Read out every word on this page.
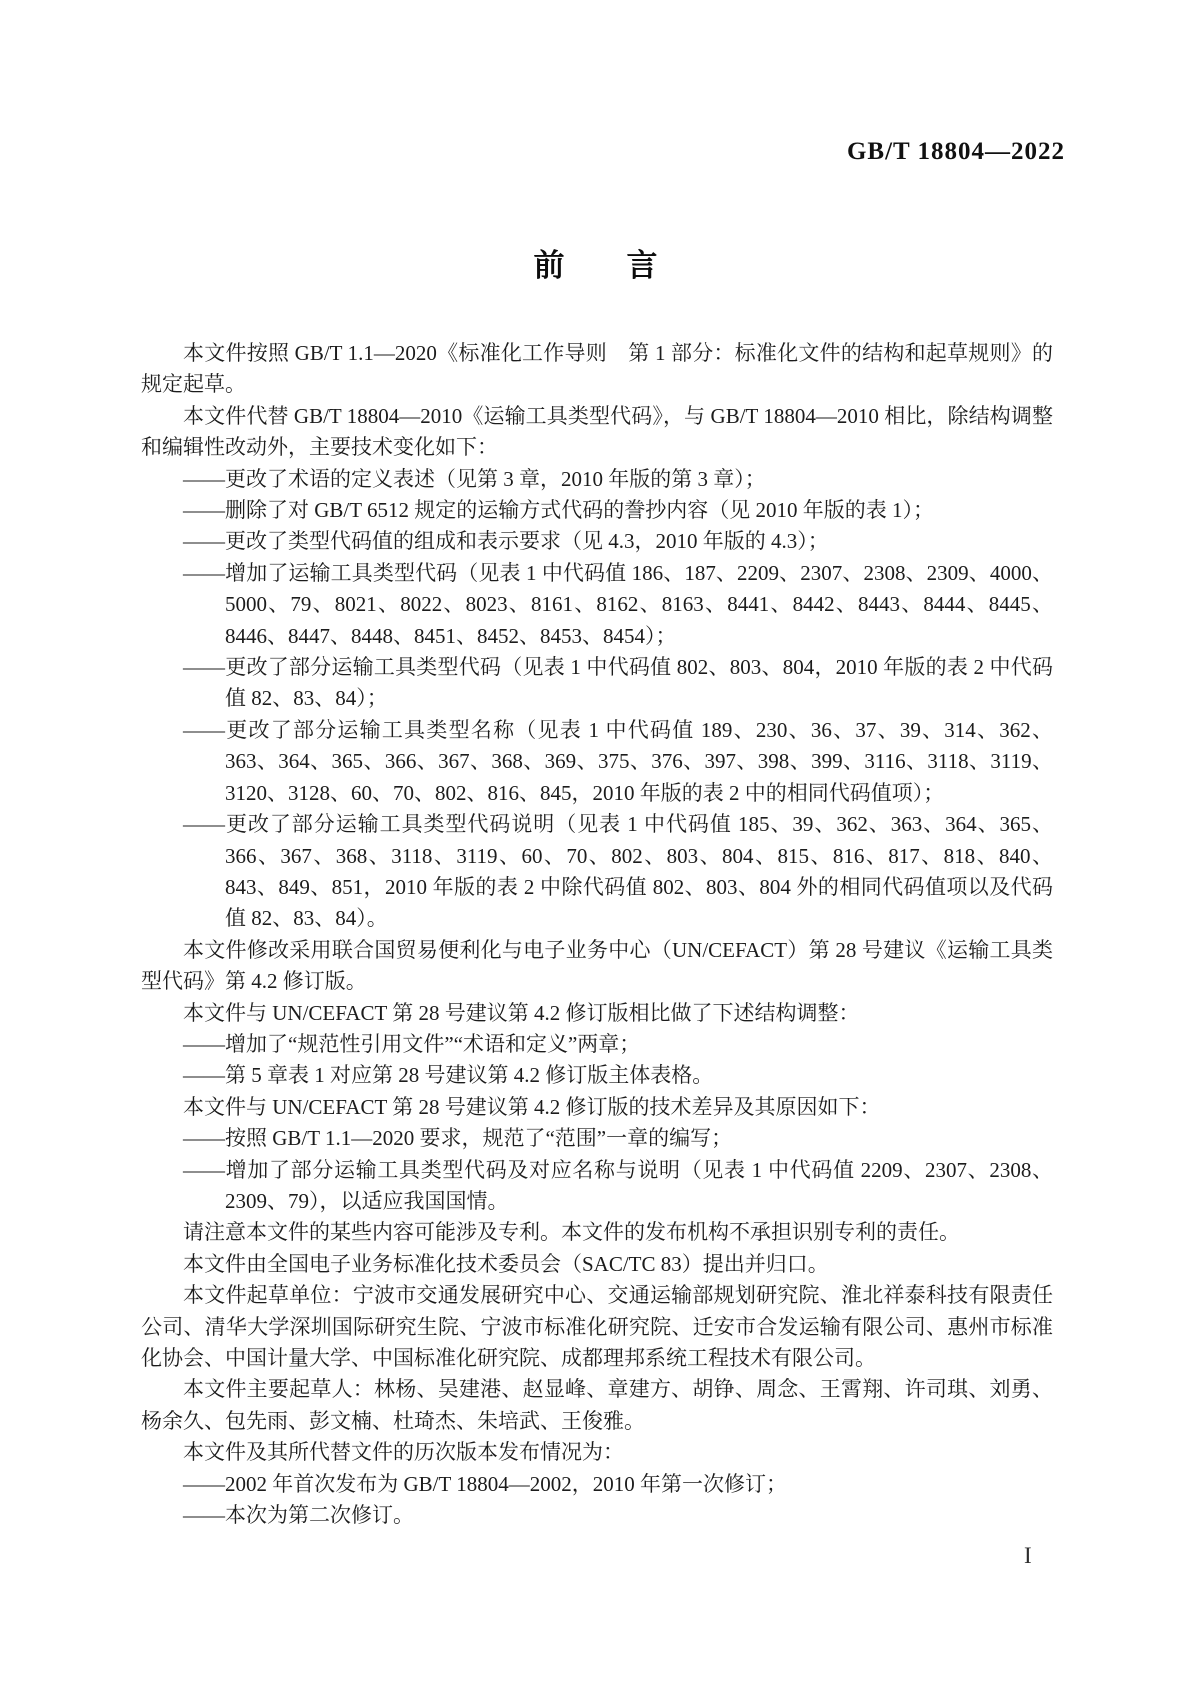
GB/T 18804—2022
前　　言

本文件按照 GB/T 1.1—2020《标准化工作导则　第 1 部分：标准化文件的结构和起草规则》的规定起草。

本文件代替 GB/T 18804—2010《运输工具类型代码》，与 GB/T 18804—2010 相比，除结构调整和编辑性改动外，主要技术变化如下：

——更改了术语的定义表述（见第 3 章，2010 年版的第 3 章）；

——删除了对 GB/T 6512 规定的运输方式代码的誊抄内容（见 2010 年版的表 1）；

——更改了类型代码值的组成和表示要求（见 4.3，2010 年版的 4.3）；

——增加了运输工具类型代码（见表 1 中代码值 186、187、2209、2307、2308、2309、4000、5000、79、8021、8022、8023、8161、8162、8163、8441、8442、8443、8444、8445、8446、8447、8448、8451、8452、8453、8454）；

——更改了部分运输工具类型代码（见表 1 中代码值 802、803、804，2010 年版的表 2 中代码值 82、83、84）；

——更改了部分运输工具类型名称（见表 1 中代码值 189、230、36、37、39、314、362、363、364、365、366、367、368、369、375、376、397、398、399、3116、3118、3119、3120、3128、60、70、802、816、845，2010 年版的表 2 中的相同代码值项）；

——更改了部分运输工具类型代码说明（见表 1 中代码值 185、39、362、363、364、365、366、367、368、3118、3119、60、70、802、803、804、815、816、817、818、840、843、849、851，2010 年版的表 2 中除代码值 802、803、804 外的相同代码值项以及代码值 82、83、84）。

本文件修改采用联合国贸易便利化与电子业务中心（UN/CEFACT）第 28 号建议《运输工具类型代码》第 4.2 修订版。

本文件与 UN/CEFACT 第 28 号建议第 4.2 修订版相比做了下述结构调整：

——增加了“规范性引用文件”“术语和定义”两章；

——第 5 章表 1 对应第 28 号建议第 4.2 修订版主体表格。

本文件与 UN/CEFACT 第 28 号建议第 4.2 修订版的技术差异及其原因如下：

——按照 GB/T 1.1—2020 要求，规范了“范围”一章的编写；

——增加了部分运输工具类型代码及对应名称与说明（见表 1 中代码值 2209、2307、2308、2309、79），以适应我国国情。

请注意本文件的某些内容可能涉及专利。本文件的发布机构不承担识别专利的责任。

本文件由全国电子业务标准化技术委员会（SAC/TC 83）提出并归口。

本文件起草单位：宁波市交通发展研究中心、交通运输部规划研究院、淮北祥泰科技有限责任公司、清华大学深圳国际研究生院、宁波市标准化研究院、迁安市合发运输有限公司、惠州市标准化协会、中国计量大学、中国标准化研究院、成都理邦系统工程技术有限公司。

本文件主要起草人：林杨、吴建港、赵显峰、章建方、胡铮、周念、王霄翔、许司琪、刘勇、杨余久、包先雨、彭文楠、杜琦杰、朱培武、王俊雅。

本文件及其所代替文件的历次版本发布情况为：

——2002 年首次发布为 GB/T 18804—2002，2010 年第一次修订；

——本次为第二次修订。

I
